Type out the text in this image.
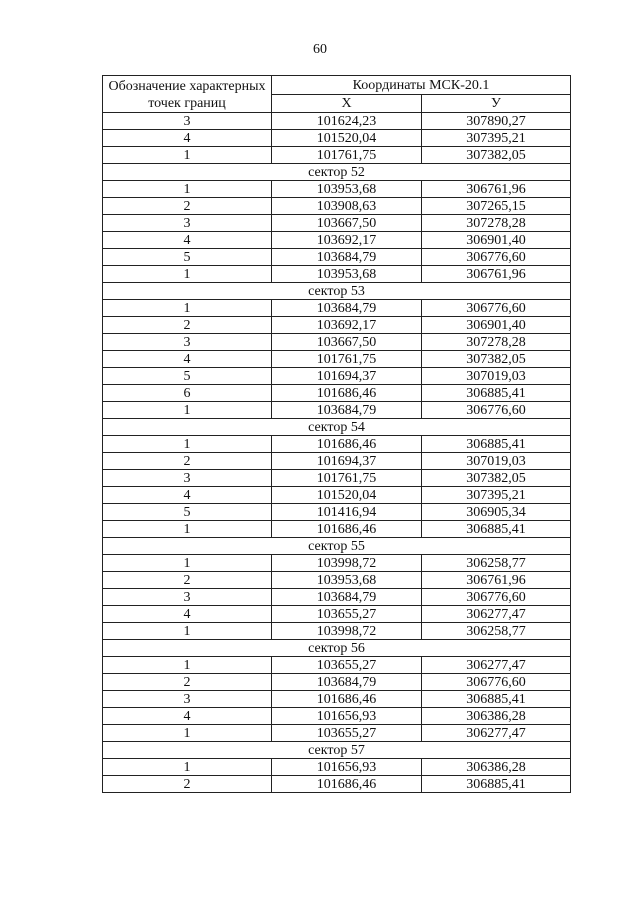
60
Обозначение характерных точек границ	Координаты МСК-20.1	
	Х	У
3	101624,23	307890,27
4	101520,04	307395,21
1	101761,75	307382,05
сектор 52		
1	103953,68	306761,96
2	103908,63	307265,15
3	103667,50	307278,28
4	103692,17	306901,40
5	103684,79	306776,60
1	103953,68	306761,96
сектор 53		
1	103684,79	306776,60
2	103692,17	306901,40
3	103667,50	307278,28
4	101761,75	307382,05
5	101694,37	307019,03
6	101686,46	306885,41
1	103684,79	306776,60
сектор 54		
1	101686,46	306885,41
2	101694,37	307019,03
3	101761,75	307382,05
4	101520,04	307395,21
5	101416,94	306905,34
1	101686,46	306885,41
сектор 55		
1	103998,72	306258,77
2	103953,68	306761,96
3	103684,79	306776,60
4	103655,27	306277,47
1	103998,72	306258,77
сектор 56		
1	103655,27	306277,47
2	103684,79	306776,60
3	101686,46	306885,41
4	101656,93	306386,28
1	103655,27	306277,47
сектор 57		
1	101656,93	306386,28
2	101686,46	306885,41
